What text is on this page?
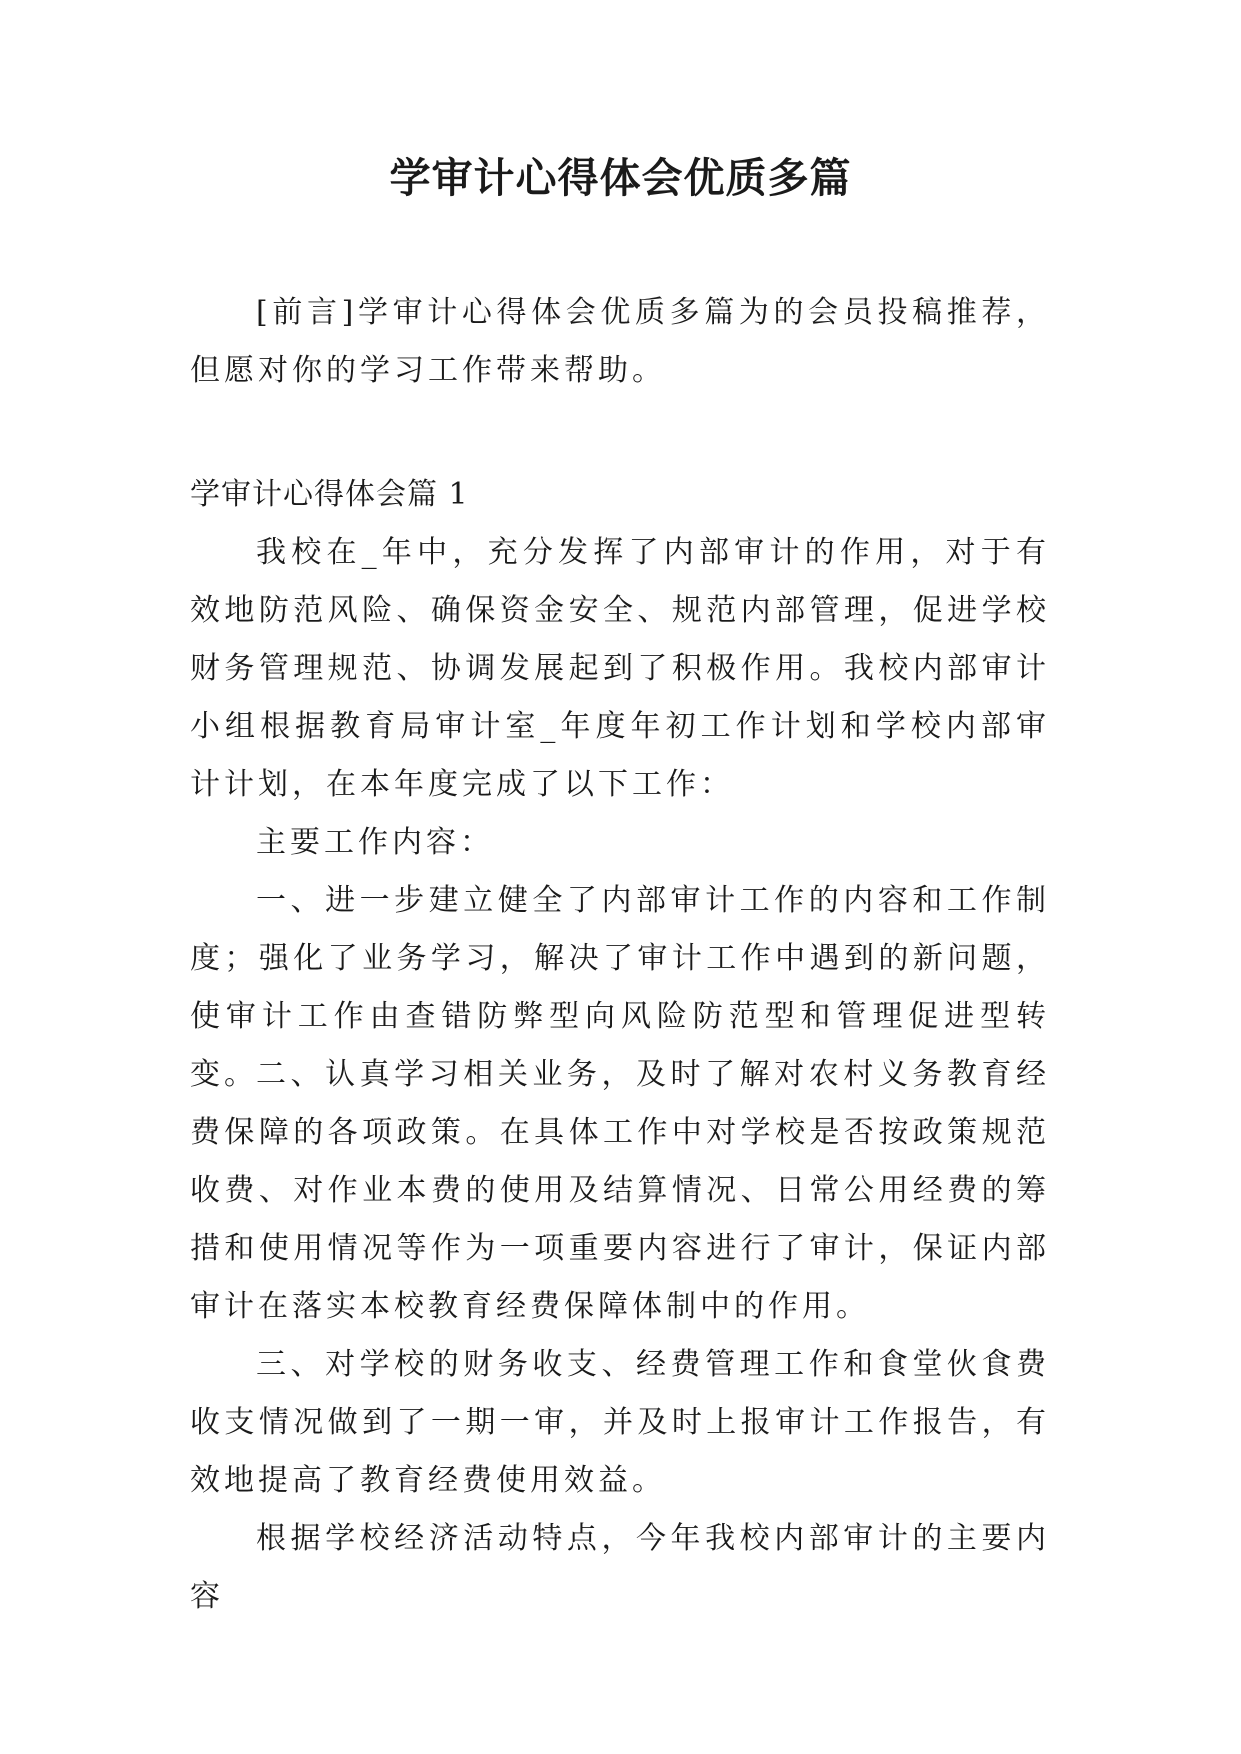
学审计心得体会优质多篇

[前言]学审计心得体会优质多篇为的会员投稿推荐，但愿对你的学习工作带来帮助。

学审计心得体会篇 1

我校在_年中，充分发挥了内部审计的作用，对于有效地防范风险、确保资金安全、规范内部管理，促进学校财务管理规范、协调发展起到了积极作用。我校内部审计小组根据教育局审计室_年度年初工作计划和学校内部审计计划，在本年度完成了以下工作：

主要工作内容：

一、进一步建立健全了内部审计工作的内容和工作制度；强化了业务学习，解决了审计工作中遇到的新问题，使审计工作由查错防弊型向风险防范型和管理促进型转变。

二、认真学习相关业务，及时了解对农村义务教育经费保障的各项政策。在具体工作中对学校是否按政策规范收费、对作业本费的使用及结算情况、日常公用经费的筹措和使用情况等作为一项重要内容进行了审计，保证内部审计在落实本校教育经费保障体制中的作用。

三、对学校的财务收支、经费管理工作和食堂伙食费收支情况做到了一期一审，并及时上报审计工作报告，有效地提高了教育经费使用效益。

根据学校经济活动特点，今年我校内部审计的主要内容
